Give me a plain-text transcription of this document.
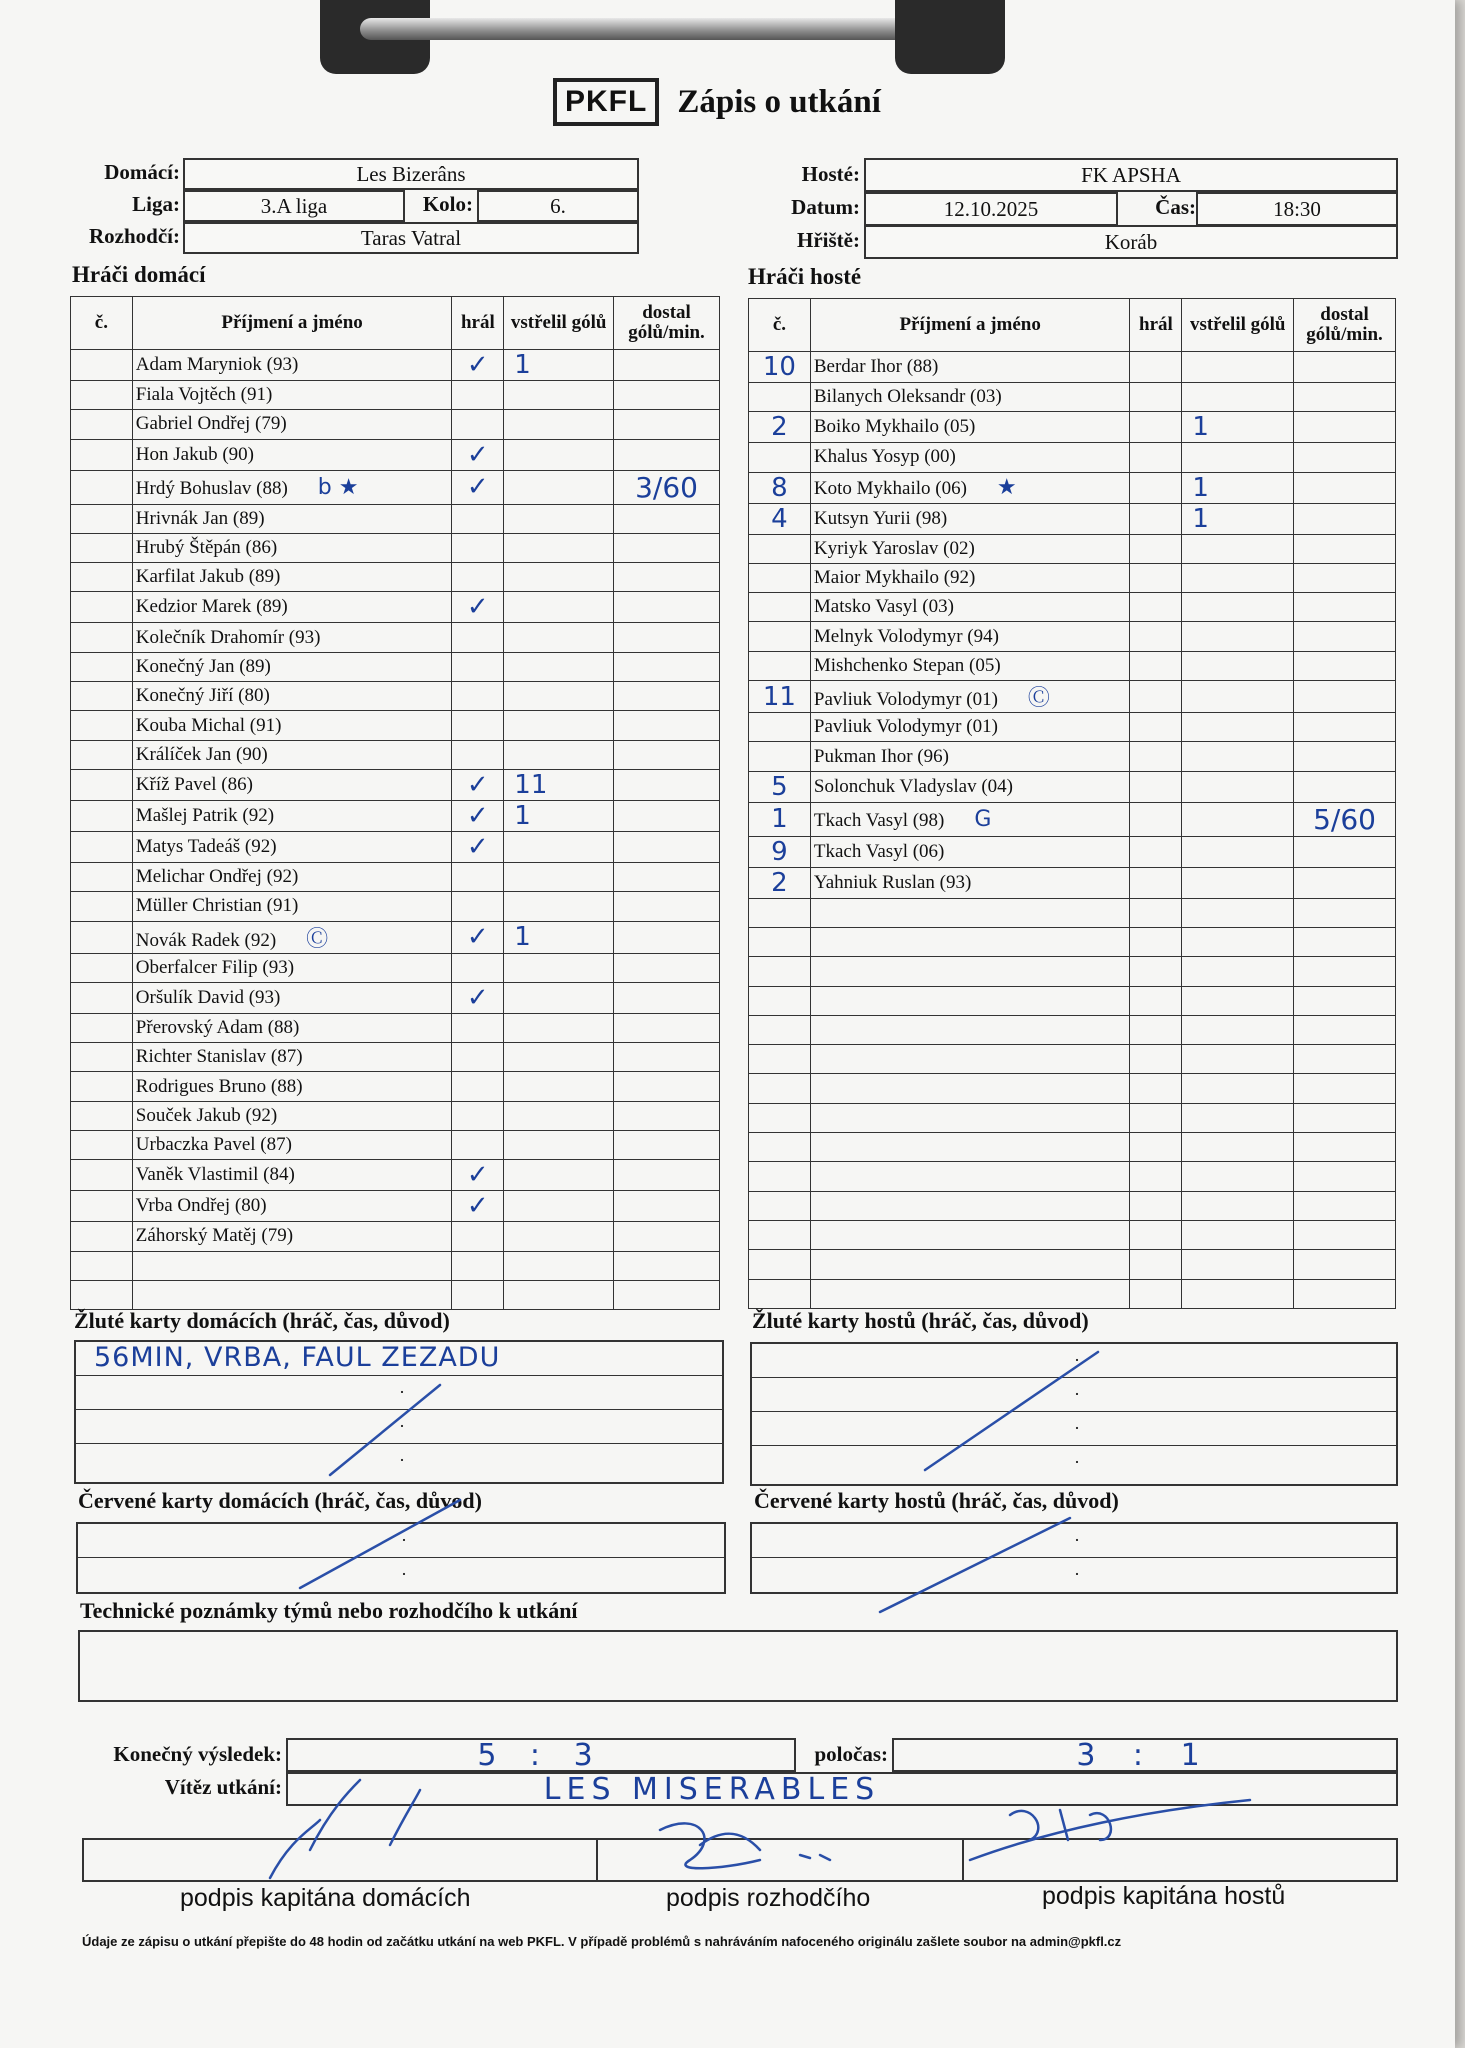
PKFL Zápis o utkání
Domácí:	Les Bizerâns
Liga:	3.A liga	Kolo:	6.
Rozhodčí:	Taras Vatral
Hosté:	FK APSHA
Datum:	12.10.2025	Čas:	18:30
Hřiště:	Koráb
Hráči domácí	Hráči hosté
č.	Příjmení a jméno	hrál	vstřelil gólů	dostal gólů/min.
	Adam Maryniok (93)	✓	1	
	Fiala Vojtěch (91)			
	Gabriel Ondřej (79)			
	Hon Jakub (90)	✓		
	Hrdý Bohuslav (88) b ★	✓		3/60
	Hrivnák Jan (89)			
	Hrubý Štěpán (86)			
	Karfilat Jakub (89)			
	Kedzior Marek (89)	✓		
	Kolečník Drahomír (93)			
	Konečný Jan (89)			
	Konečný Jiří (80)			
	Kouba Michal (91)			
	Králíček Jan (90)			
	Kříž Pavel (86)	✓	11	
	Mašlej Patrik (92)	✓	1	
	Matys Tadeáš (92)	✓		
	Melichar Ondřej (92)			
	Müller Christian (91)			
	Novák Radek (92) Ⓒ	✓	1	
	Oberfalcer Filip (93)			
	Oršulík David (93)	✓		
	Přerovský Adam (88)			
	Richter Stanislav (87)			
	Rodrigues Bruno (88)			
	Souček Jakub (92)			
	Urbaczka Pavel (87)			
	Vaněk Vlastimil (84)	✓		
	Vrba Ondřej (80)	✓		
	Záhorský Matěj (79)			

č.	Příjmení a jméno	hrál	vstřelil gólů	dostal gólů/min.
10	Berdar Ihor (88)			
	Bilanych Oleksandr (03)			
2	Boiko Mykhailo (05)		1	
	Khalus Yosyp (00)			
8	Koto Mykhailo (06) ★		1	
4	Kutsyn Yurii (98)		1	
	Kyriyk Yaroslav (02)			
	Maior Mykhailo (92)			
	Matsko Vasyl (03)			
	Melnyk Volodymyr (94)			
	Mishchenko Stepan (05)			
11	Pavliuk Volodymyr (01) Ⓒ			
	Pavliuk Volodymyr (01)			
	Pukman Ihor (96)			
5	Solonchuk Vladyslav (04)			
1	Tkach Vasyl (98) G			5/60
9	Tkach Vasyl (06)			
2	Yahniuk Ruslan (93)			

Žluté karty domácích (hráč, čas, důvod)
56MIN, VRBA, FAUL ZEZADU
·
·
·
Žluté karty hostů (hráč, čas, důvod)
·
·
·
·
Červené karty domácích (hráč, čas, důvod)
·
·
Červené karty hostů (hráč, čas, důvod)
·
·
Technické poznámky týmů nebo rozhodčího k utkání
Konečný výsledek:	5 : 3	poločas:	3 : 1
Vítěz utkání:	LES MISERABLES
podpis kapitána domácích	podpis rozhodčího	podpis kapitána hostů
Údaje ze zápisu o utkání přepište do 48 hodin od začátku utkání na web PKFL. V případě problémů s nahráváním nafoceného originálu zašlete soubor na admin@pkfl.cz
